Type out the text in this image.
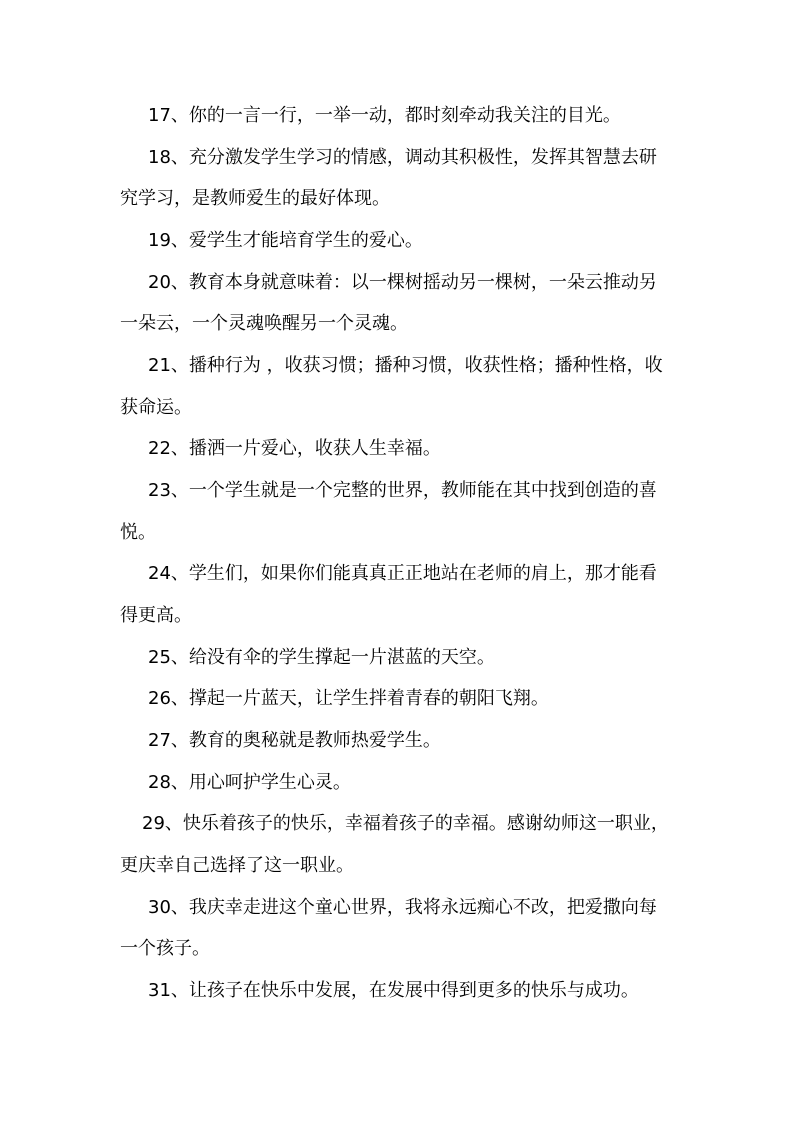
17、你的一言一行，一举一动，都时刻牵动我关注的目光。

18、充分激发学生学习的情感，调动其积极性，发挥其智慧去研

究学习，是教师爱生的最好体现。

19、爱学生才能培育学生的爱心。

20、教育本身就意味着：以一棵树摇动另一棵树，一朵云推动另

一朵云，一个灵魂唤醒另一个灵魂。

21、播种行为 ，收获习惯；播种习惯，收获性格；播种性格，收

获命运。

22、播洒一片爱心，收获人生幸福。

23、一个学生就是一个完整的世界，教师能在其中找到创造的喜

悦。

24、学生们，如果你们能真真正正地站在老师的肩上，那才能看

得更高。

25、给没有伞的学生撑起一片湛蓝的天空。

26、撑起一片蓝天，让学生拌着青春的朝阳飞翔。

27、教育的奥秘就是教师热爱学生。

28、用心呵护学生心灵。

29、快乐着孩子的快乐，幸福着孩子的幸福。感谢幼师这一职业，

更庆幸自己选择了这一职业。

30、我庆幸走进这个童心世界，我将永远痴心不改，把爱撒向每

一个孩子。

31、让孩子在快乐中发展，在发展中得到更多的快乐与成功。
